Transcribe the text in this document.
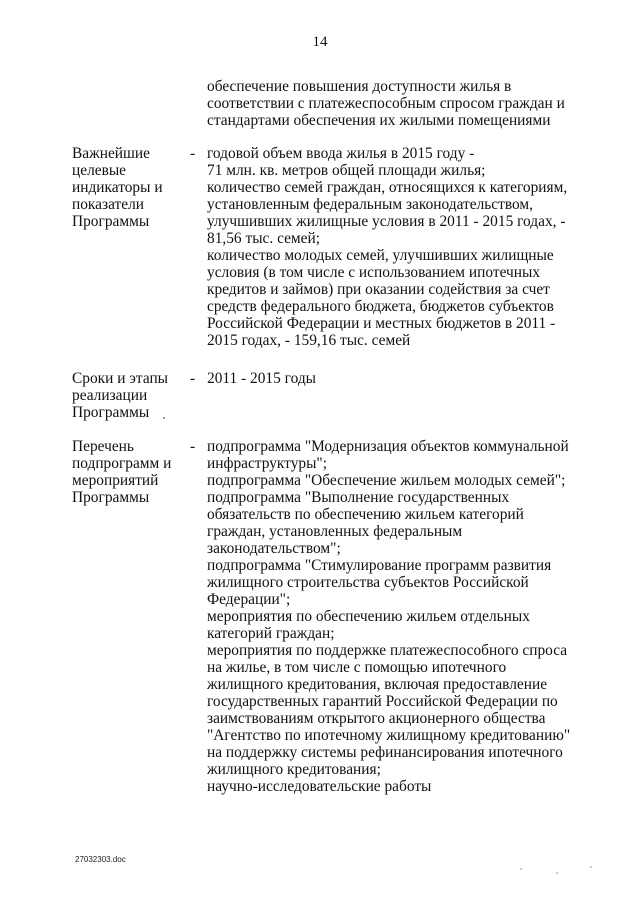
14
обеспечение повышения доступности жилья в
соответствии с платежеспособным спросом граждан и
стандартами обеспечения их жилыми помещениями
Важнейшие
целевые
индикаторы и
показатели
Программы
- годовой объем ввода жилья в 2015 году -
71 млн. кв. метров общей площади жилья;
количество семей граждан, относящихся к категориям,
установленным федеральным законодательством,
улучшивших жилищные условия в 2011 - 2015 годах, -
81,56 тыс. семей;
количество молодых семей, улучшивших жилищные
условия (в том числе с использованием ипотечных
кредитов и займов) при оказании содействия за счет
средств федерального бюджета, бюджетов субъектов
Российской Федерации и местных бюджетов в 2011 -
2015 годах, - 159,16 тыс. семей
Сроки и этапы
реализации
Программы
- 2011 - 2015 годы
Перечень
подпрограмм и
мероприятий
Программы
- подпрограмма "Модернизация объектов коммунальной
инфраструктуры";
подпрограмма "Обеспечение жильем молодых семей";
подпрограмма "Выполнение государственных
обязательств по обеспечению жильем категорий
граждан, установленных федеральным
законодательством";
подпрограмма "Стимулирование программ развития
жилищного строительства субъектов Российской
Федерации";
мероприятия по обеспечению жильем отдельных
категорий граждан;
мероприятия по поддержке платежеспособного спроса
на жилье, в том числе с помощью ипотечного
жилищного кредитования, включая предоставление
государственных гарантий Российской Федерации по
заимствованиям открытого акционерного общества
"Агентство по ипотечному жилищному кредитованию"
на поддержку системы рефинансирования ипотечного
жилищного кредитования;
научно-исследовательские работы
27032303.doc
